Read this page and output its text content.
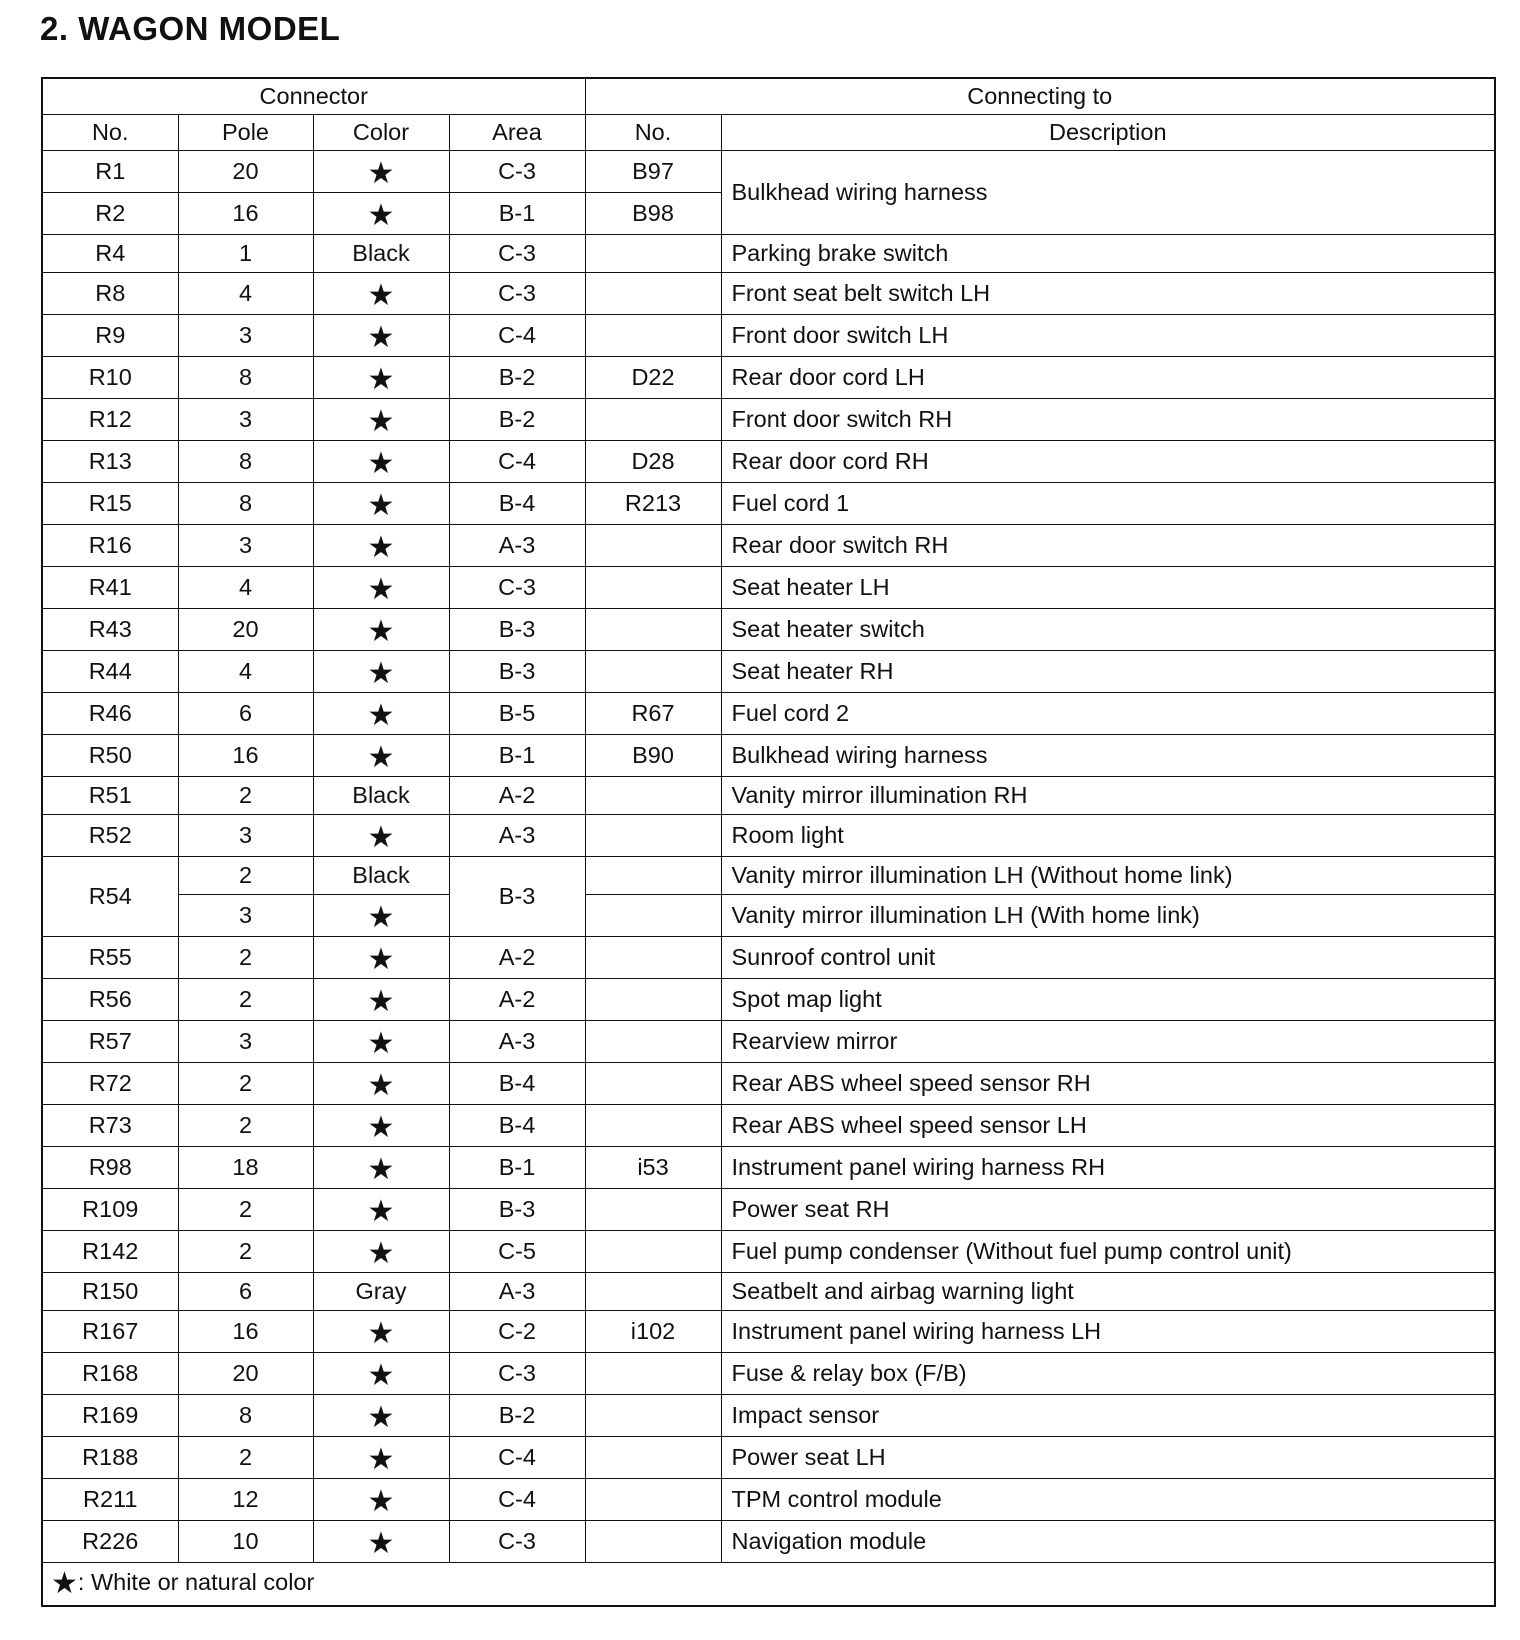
2. WAGON MODEL
Connector				Connecting to	
No.	Pole	Color	Area	No.	Description
R1	20	★	C-3	B97	Bulkhead wiring harness
R2	16	★	B-1	B98	
R4	1	Black	C-3		Parking brake switch
R8	4	★	C-3		Front seat belt switch LH
R9	3	★	C-4		Front door switch LH
R10	8	★	B-2	D22	Rear door cord LH
R12	3	★	B-2		Front door switch RH
R13	8	★	C-4	D28	Rear door cord RH
R15	8	★	B-4	R213	Fuel cord 1
R16	3	★	A-3		Rear door switch RH
R41	4	★	C-3		Seat heater LH
R43	20	★	B-3		Seat heater switch
R44	4	★	B-3		Seat heater RH
R46	6	★	B-5	R67	Fuel cord 2
R50	16	★	B-1	B90	Bulkhead wiring harness
R51	2	Black	A-2		Vanity mirror illumination RH
R52	3	★	A-3		Room light
R54	2	Black	B-3		Vanity mirror illumination LH (Without home link)
	3	★			Vanity mirror illumination LH (With home link)
R55	2	★	A-2		Sunroof control unit
R56	2	★	A-2		Spot map light
R57	3	★	A-3		Rearview mirror
R72	2	★	B-4		Rear ABS wheel speed sensor RH
R73	2	★	B-4		Rear ABS wheel speed sensor LH
R98	18	★	B-1	i53	Instrument panel wiring harness RH
R109	2	★	B-3		Power seat RH
R142	2	★	C-5		Fuel pump condenser (Without fuel pump control unit)
R150	6	Gray	A-3		Seatbelt and airbag warning light
R167	16	★	C-2	i102	Instrument panel wiring harness LH
R168	20	★	C-3		Fuse & relay box (F/B)
R169	8	★	B-2		Impact sensor
R188	2	★	C-4		Power seat LH
R211	12	★	C-4		TPM control module
R226	10	★	C-3		Navigation module
★: White or natural color					
